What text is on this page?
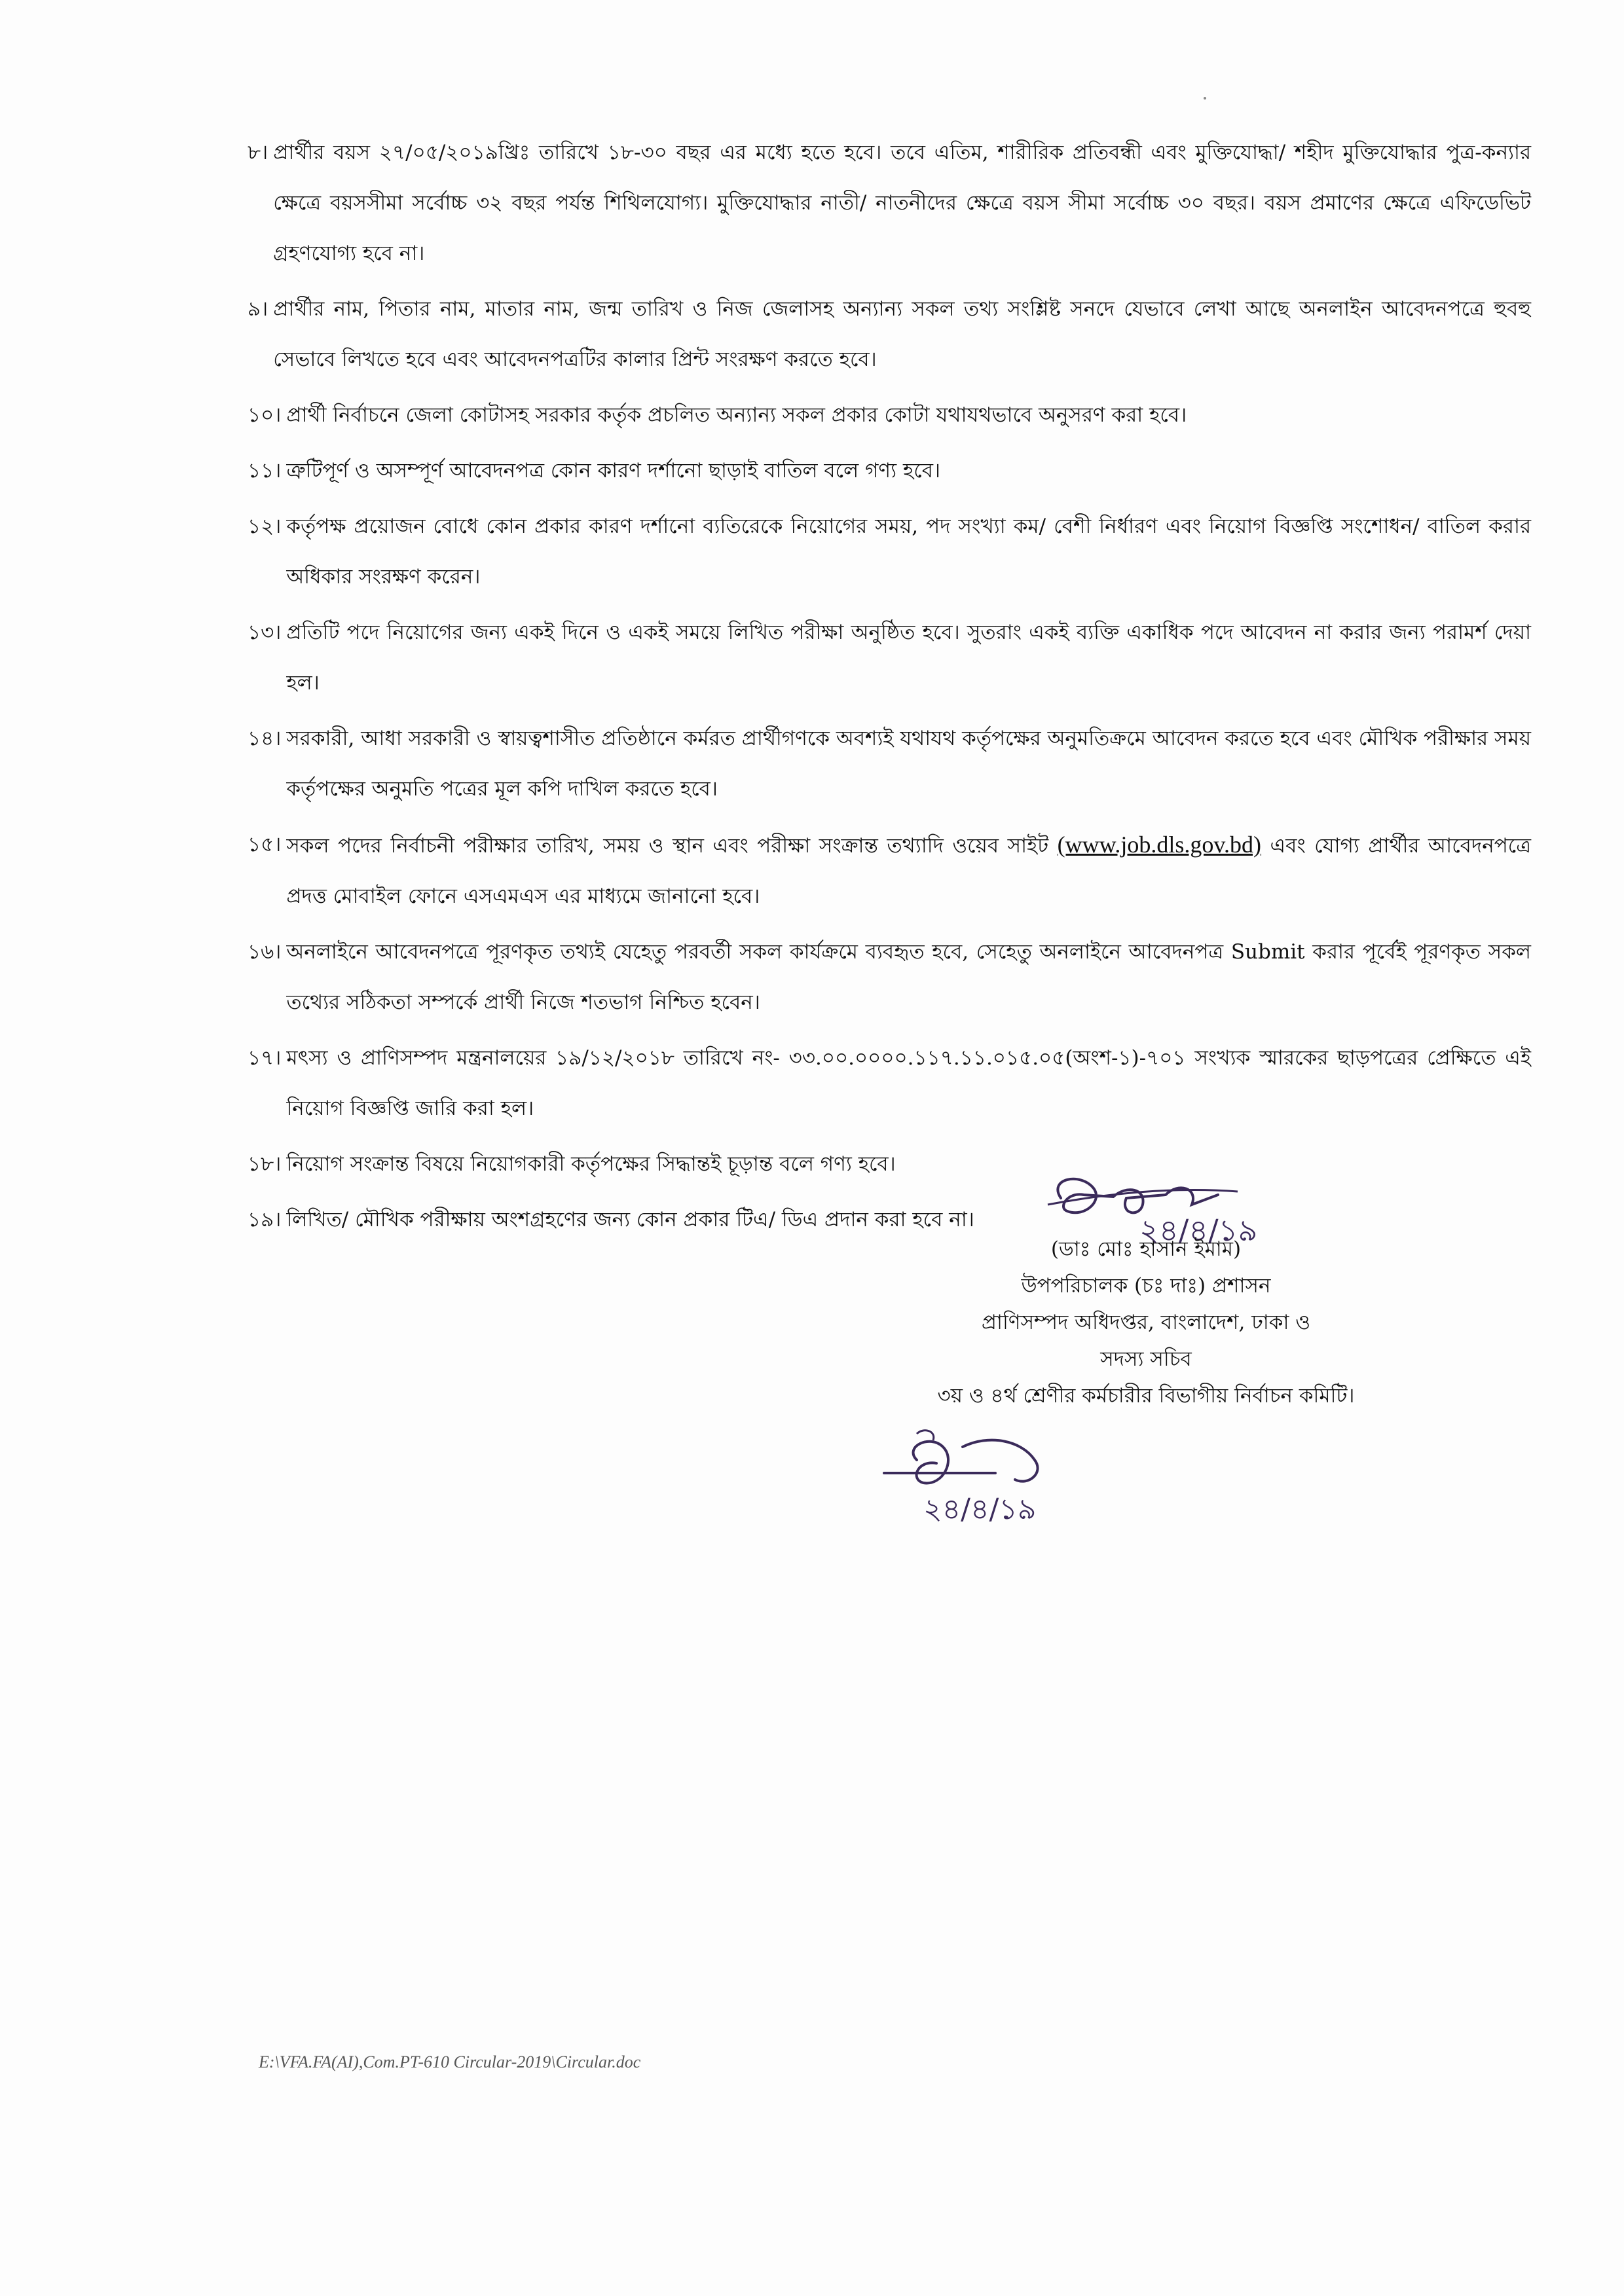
৮। প্রার্থীর বয়স ২৭/০৫/২০১৯খ্রিঃ তারিখে ১৮-৩০ বছর এর মধ্যে হতে হবে। তবে এতিম, শারীরিক প্রতিবন্ধী এবং মুক্তিযোদ্ধা/ শহীদ মুক্তিযোদ্ধার পুত্র-কন্যার ক্ষেত্রে বয়সসীমা সর্বোচ্চ ৩২ বছর পর্যন্ত শিথিলযোগ্য। মুক্তিযোদ্ধার নাতী/ নাতনীদের ক্ষেত্রে বয়স সীমা সর্বোচ্চ ৩০ বছর। বয়স প্রমাণের ক্ষেত্রে এফিডেভিট গ্রহণযোগ্য হবে না।
৯। প্রার্থীর নাম, পিতার নাম, মাতার নাম, জন্ম তারিখ ও নিজ জেলাসহ অন্যান্য সকল তথ্য সংশ্লিষ্ট সনদে যেভাবে লেখা আছে অনলাইন আবেদনপত্রে হুবহু সেভাবে লিখতে হবে এবং আবেদনপত্রটির কালার প্রিন্ট সংরক্ষণ করতে হবে।
১০। প্রার্থী নির্বাচনে জেলা কোটাসহ সরকার কর্তৃক প্রচলিত অন্যান্য সকল প্রকার কোটা যথাযথভাবে অনুসরণ করা হবে।
১১। ত্রুটিপূর্ণ ও অসম্পূর্ণ আবেদনপত্র কোন কারণ দর্শানো ছাড়াই বাতিল বলে গণ্য হবে।
১২। কর্তৃপক্ষ প্রয়োজন বোধে কোন প্রকার কারণ দর্শানো ব্যতিরেকে নিয়োগের সময়, পদ সংখ্যা কম/ বেশী নির্ধারণ এবং নিয়োগ বিজ্ঞপ্তি সংশোধন/ বাতিল করার অধিকার সংরক্ষণ করেন।
১৩। প্রতিটি পদে নিয়োগের জন্য একই দিনে ও একই সময়ে লিখিত পরীক্ষা অনুষ্ঠিত হবে। সুতরাং একই ব্যক্তি একাধিক পদে আবেদন না করার জন্য পরামর্শ দেয়া হল।
১৪। সরকারী, আধা সরকারী ও স্বায়ত্বশাসীত প্রতিষ্ঠানে কর্মরত প্রার্থীগণকে অবশ্যই যথাযথ কর্তৃপক্ষের অনুমতিক্রমে আবেদন করতে হবে এবং মৌখিক পরীক্ষার সময় কর্তৃপক্ষের অনুমতি পত্রের মূল কপি দাখিল করতে হবে।
১৫। সকল পদের নির্বাচনী পরীক্ষার তারিখ, সময় ও স্থান এবং পরীক্ষা সংক্রান্ত তথ্যাদি ওয়েব সাইট (www.job.dls.gov.bd) এবং যোগ্য প্রার্থীর আবেদনপত্রে প্রদত্ত মোবাইল ফোনে এসএমএস এর মাধ্যমে জানানো হবে।
১৬। অনলাইনে আবেদনপত্রে পূরণকৃত তথ্যই যেহেতু পরবর্তী সকল কার্যক্রমে ব্যবহৃত হবে, সেহেতু অনলাইনে আবেদনপত্র Submit করার পূর্বেই পূরণকৃত সকল তথ্যের সঠিকতা সম্পর্কে প্রার্থী নিজে শতভাগ নিশ্চিত হবেন।
১৭। মৎস্য ও প্রাণিসম্পদ মন্ত্রনালয়ের ১৯/১২/২০১৮ তারিখে নং- ৩৩.০০.০০০০.১১৭.১১.০১৫.০৫(অংশ-১)-৭০১ সংখ্যক স্মারকের ছাড়পত্রের প্রেক্ষিতে এই নিয়োগ বিজ্ঞপ্তি জারি করা হল।
১৮। নিয়োগ সংক্রান্ত বিষয়ে নিয়োগকারী কর্তৃপক্ষের সিদ্ধান্তই চূড়ান্ত বলে গণ্য হবে।
১৯। লিখিত/ মৌখিক পরীক্ষায় অংশগ্রহণের জন্য কোন প্রকার টিএ/ ডিএ প্রদান করা হবে না।	২৪/৪/১৯
(ডাঃ মোঃ হাসান ইমাম)
উপপরিচালক (চঃ দাঃ) প্রশাসন
প্রাণিসম্পদ অধিদপ্তর, বাংলাদেশ, ঢাকা ও
সদস্য সচিব
৩য় ও ৪র্থ শ্রেণীর কর্মচারীর বিভাগীয় নির্বাচন কমিটি।
২৪/৪/১৯
E:\VFA.FA(AI),Com.PT-610 Circular-2019\Circular.doc
